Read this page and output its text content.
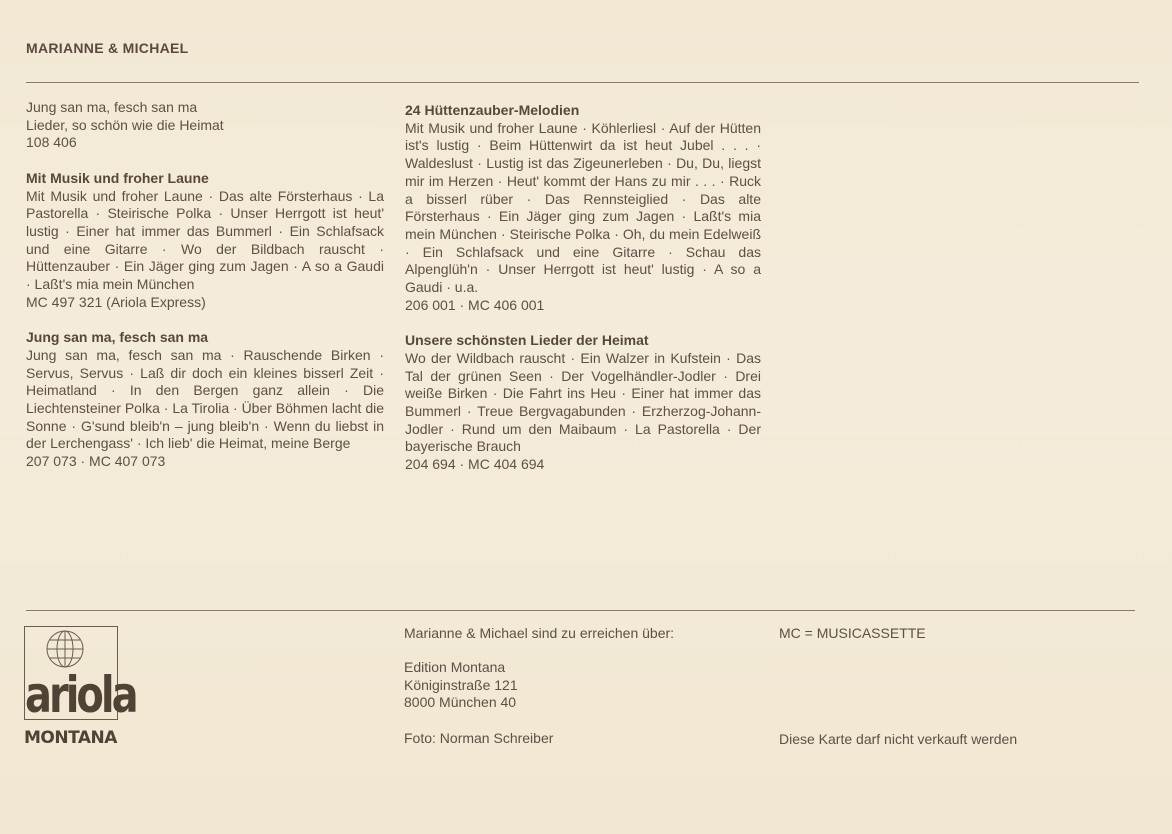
MARIANNE & MICHAEL

Jung san ma, fesch san ma

Lieder, so schön wie die Heimat

108 406

Mit Musik und froher Laune

Mit Musik und froher Laune · Das alte Försterhaus · La Pastorella · Steirische Polka · Unser Herrgott ist heut' lustig · Einer hat immer das Bummerl · Ein Schlafsack und eine Gitarre · Wo der Bildbach rauscht · Hüttenzauber · Ein Jäger ging zum Jagen · A so a Gaudi · Laßt's mia mein München

MC 497 321 (Ariola Express)

Jung san ma, fesch san ma

Jung san ma, fesch san ma · Rauschende Birken · Servus, Servus · Laß dir doch ein kleines bisserl Zeit · Heimatland · In den Bergen ganz allein · Die Liechtensteiner Polka · La Tirolia · Über Böhmen lacht die Sonne · G'sund bleib'n – jung bleib'n · Wenn du liebst in der Lerchengass' · Ich lieb' die Heimat, meine Berge

207 073 · MC 407 073

24 Hüttenzauber-Melodien

Mit Musik und froher Laune · Köhlerliesl · Auf der Hütten ist's lustig · Beim Hüttenwirt da ist heut Jubel . . . · Waldeslust · Lustig ist das Zigeunerleben · Du, Du, liegst mir im Herzen · Heut' kommt der Hans zu mir . . . · Ruck a bisserl rüber · Das Rennsteiglied · Das alte Försterhaus · Ein Jäger ging zum Jagen · Laßt's mia mein München · Steirische Polka · Oh, du mein Edelweiß · Ein Schlafsack und eine Gitarre · Schau das Alpenglüh'n · Unser Herrgott ist heut' lustig · A so a Gaudi · u.a.

206 001 · MC 406 001

Unsere schönsten Lieder der Heimat

Wo der Wildbach rauscht · Ein Walzer in Kufstein · Das Tal der grünen Seen · Der Vogelhändler-Jodler · Drei weiße Birken · Die Fahrt ins Heu · Einer hat immer das Bummerl · Treue Bergvagabunden · Erzherzog-Johann-Jodler · Rund um den Maibaum · La Pastorella · Der bayerische Brauch

204 694 · MC 404 694

ariola
MONTANA

Marianne & Michael sind zu erreichen über:

Edition Montana

Königinstraße 121

8000 München 40

Foto: Norman Schreiber

MC = MUSICASSETTE

Diese Karte darf nicht verkauft werden
